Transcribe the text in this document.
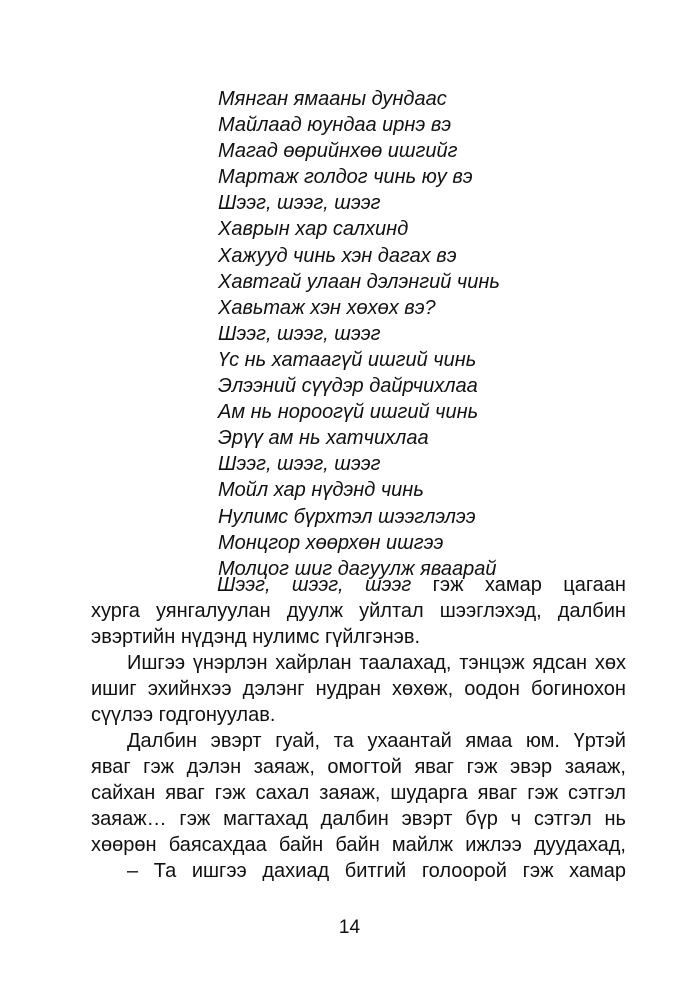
Мянган ямааны дундаас
Майлаад юундаа ирнэ вэ
Магад өөрийнхөө ишгийг
Мартаж голдог чинь юу вэ
Шээг, шээг, шээг
Хаврын хар салхинд
Хажууд чинь хэн дагах вэ
Хавтгай улаан дэлэнгий чинь
Хавьтаж хэн хөхөх вэ?
Шээг, шээг, шээг
Үс нь хатаагүй ишгий чинь
Элээний сүүдэр дайрчихлаа
Ам нь нороогүй ишгий чинь
Эрүү ам нь хатчихлаа
Шээг, шээг, шээг
Мойл хар нүдэнд чинь
Нулимс бүрхтэл шээглэлээ
Монцгор хөөрхөн ишгээ
Молцог шиг дагуулж яваарай
Шээг, шээг, шээг гэж хамар цагаан
хурга уянгалуулан дуулж уйлтал шээглэхэд, далбин
эвэртийн нүдэнд нулимс гүйлгэнэв.
Ишгээ үнэрлэн хайрлан таалахад, тэнцэж ядсан хөх
ишиг эхийнхээ дэлэнг нудран хөхөж, оодон богинохон
сүүлээ годгонуулав.
Далбин эвэрт гуай, та ухаантай ямаа юм. Үртэй
яваг гэж дэлэн заяаж, омогтой яваг гэж эвэр заяаж,
сайхан яваг гэж сахал заяаж, шударга яваг гэж сэтгэл
заяаж… гэж магтахад далбин эвэрт бүр ч сэтгэл нь
хөөрөн баясахдаа байн байн майлж ижлээ дуудахад,
– Та ишгээ дахиад битгий голоорой гэж хамар
14
